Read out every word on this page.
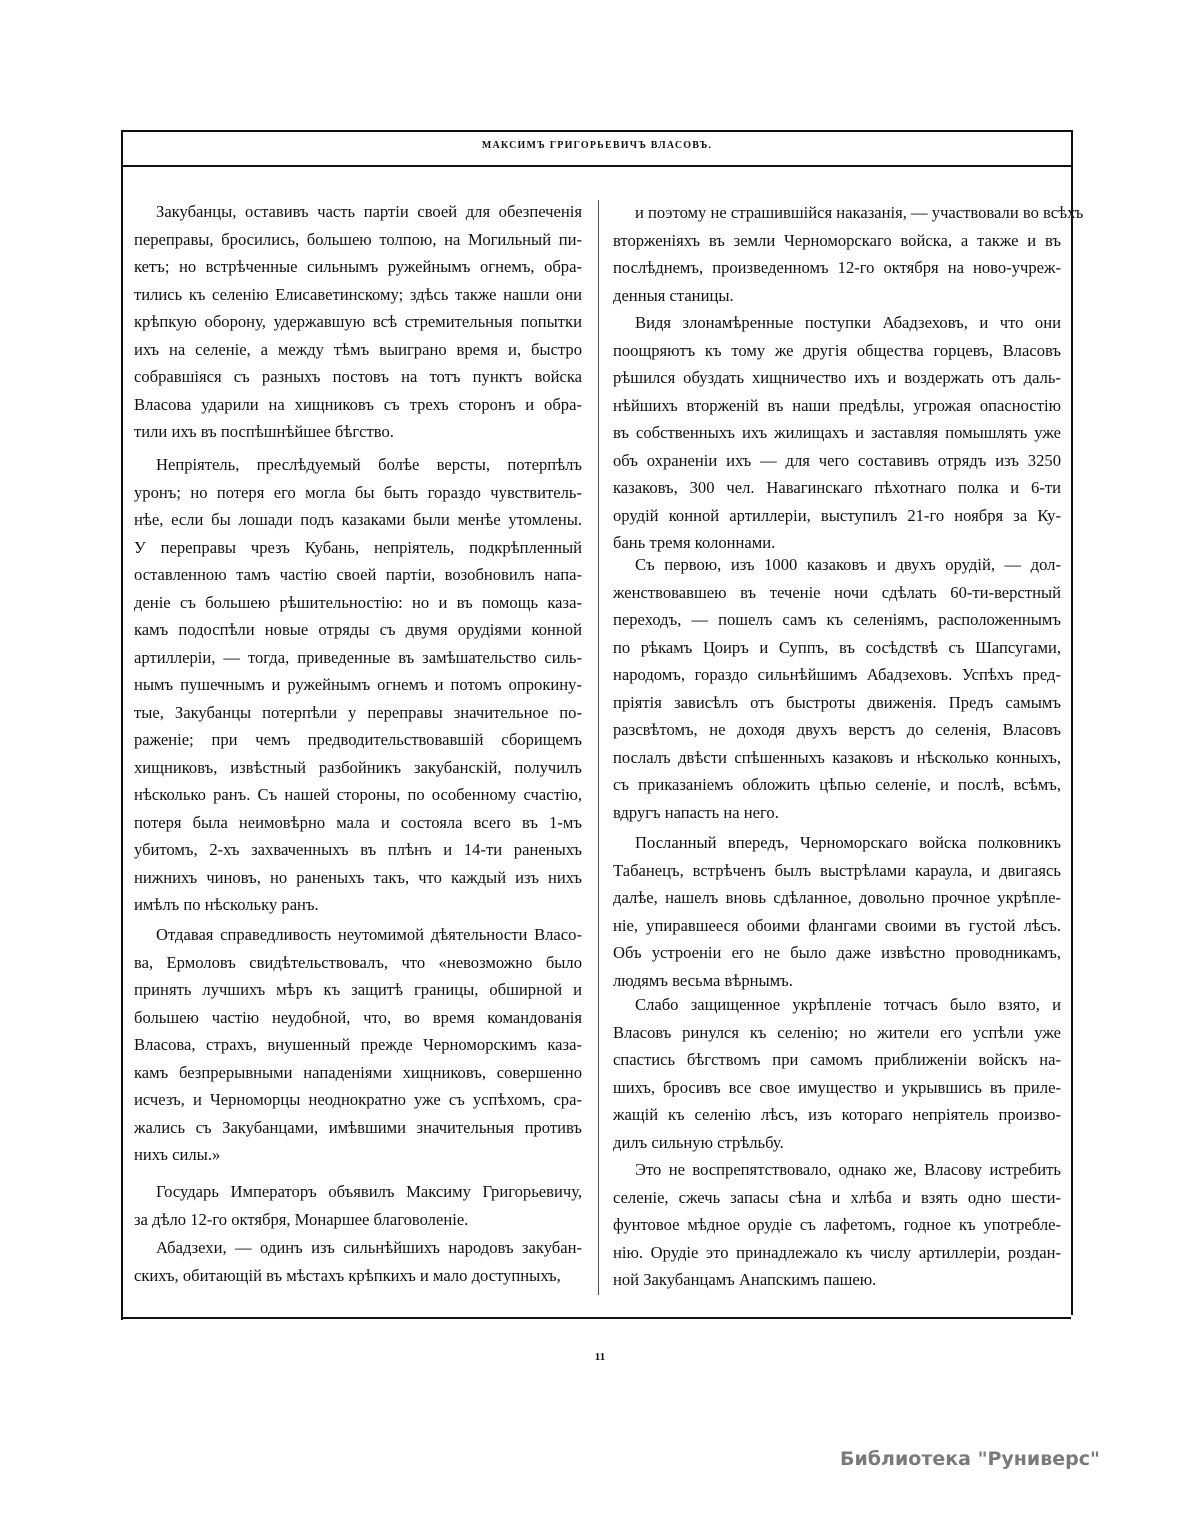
МАКСИМЪ ГРИГОРЬЕВИЧЪ ВЛАСОВЪ.
Закубанцы, оставивъ часть партіи своей для обезпеченія
переправы, бросились, большею толпою, на Могильный пи-
кетъ; но встрѣченные сильнымъ ружейнымъ огнемъ, обра-
тились къ селенію Елисаветинскому; здѣсь также нашли они
крѣпкую оборону, удержавшую всѣ стремительныя попытки
ихъ на селеніе, а между тѣмъ выиграно время и, быстро
собравшіяся съ разныхъ постовъ на тотъ пунктъ войска
Власова ударили на хищниковъ съ трехъ сторонъ и обра-
тили ихъ въ поспѣшнѣйшее бѣгство.
Непріятель, преслѣдуемый болѣе версты, потерпѣлъ
уронъ; но потеря его могла бы быть гораздо чувствитель-
нѣе, если бы лошади подъ казаками были менѣе утомлены.
У переправы чрезъ Кубань, непріятель, подкрѣпленный
оставленною тамъ частію своей партіи, возобновилъ напа-
деніе съ большею рѣшительностію: но и въ помощь каза-
камъ подоспѣли новые отряды съ двумя орудіями конной
артиллеріи, — тогда, приведенные въ замѣшательство силь-
нымъ пушечнымъ и ружейнымъ огнемъ и потомъ опрокину-
тые, Закубанцы потерпѣли у переправы значительное по-
раженіе; при чемъ предводительствовавшій сборищемъ
хищниковъ, извѣстный разбойникъ закубанскій, получилъ
нѣсколько ранъ. Съ нашей стороны, по особенному счастію,
потеря была неимовѣрно мала и состояла всего въ 1-мъ
убитомъ, 2-хъ захваченныхъ въ плѣнъ и 14-ти раненыхъ
нижнихъ чиновъ, но раненыхъ такъ, что каждый изъ нихъ
имѣлъ по нѣскольку ранъ.
Отдавая справедливость неутомимой дѣятельности Власо-
ва, Ермоловъ свидѣтельствовалъ, что «невозможно было
принять лучшихъ мѣръ къ защитѣ границы, обширной и
большею частію неудобной, что, во время командованія
Власова, страхъ, внушенный прежде Черноморскимъ каза-
камъ безпрерывными нападеніями хищниковъ, совершенно
исчезъ, и Черноморцы неоднократно уже съ успѣхомъ, сра-
жались съ Закубанцами, имѣвшими значительныя противъ
нихъ силы.»
Государь Императоръ объявилъ Максиму Григорьевичу,
за дѣло 12-го октября, Монаршее благоволеніе.
Абадзехи, — одинъ изъ сильнѣйшихъ народовъ закубан-
скихъ, обитающій въ мѣстахъ крѣпкихъ и мало доступныхъ,
и поэтому не страшившійся наказанія, — участвовали во всѣхъ
вторженіяхъ въ земли Черноморскаго войска, а также и въ
послѣднемъ, произведенномъ 12-го октября на ново-учреж-
денныя станицы.
Видя злонамѣренные поступки Абадзеховъ, и что они
поощряютъ къ тому же другія общества горцевъ, Власовъ
рѣшился обуздать хищничество ихъ и воздержать отъ даль-
нѣйшихъ вторженій въ наши предѣлы, угрожая опасностію
въ собственныхъ ихъ жилищахъ и заставляя помышлять уже
объ охраненіи ихъ — для чего составивъ отрядъ изъ 3250
казаковъ, 300 чел. Навагинскаго пѣхотнаго полка и 6-ти
орудій конной артиллеріи, выступилъ 21-го ноября за Ку-
бань тремя колоннами.
Съ первою, изъ 1000 казаковъ и двухъ орудій, — дол-
женствовавшею въ теченіе ночи сдѣлать 60-ти-верстный
переходъ, — пошелъ самъ къ селеніямъ, расположеннымъ
по рѣкамъ Цоиръ и Суппъ, въ сосѣдствѣ съ Шапсугами,
народомъ, гораздо сильнѣйшимъ Абадзеховъ. Успѣхъ пред-
пріятія зависѣлъ отъ быстроты движенія. Предъ самымъ
разсвѣтомъ, не доходя двухъ верстъ до селенія, Власовъ
послалъ двѣсти спѣшенныхъ казаковъ и нѣсколько конныхъ,
съ приказаніемъ обложить цѣпью селеніе, и послѣ, всѣмъ,
вдругъ напасть на него.
Посланный впередъ, Черноморскаго войска полковникъ
Табанецъ, встрѣченъ былъ выстрѣлами караула, и двигаясь
далѣе, нашелъ вновь сдѣланное, довольно прочное укрѣпле-
ніе, упиравшееся обоими флангами своими въ густой лѣсъ.
Объ устроеніи его не было даже извѣстно проводникамъ,
людямъ весьма вѣрнымъ.
Слабо защищенное укрѣпленіе тотчасъ было взято, и
Власовъ ринулся къ селенію; но жители его успѣли уже
спастись бѣгствомъ при самомъ приближеніи войскъ на-
шихъ, бросивъ все свое имущество и укрывшись въ приле-
жащій къ селенію лѣсъ, изъ котораго непріятель произво-
дилъ сильную стрѣльбу.
Это не воспрепятствовало, однако же, Власову истребить
селеніе, сжечь запасы сѣна и хлѣба и взять одно шести-
фунтовое мѣдное орудіе съ лафетомъ, годное къ употребле-
нію. Орудіе это принадлежало къ числу артиллеріи, роздан-
ной Закубанцамъ Анапскимъ пашею.
11
Библиотека "Руниверс"
